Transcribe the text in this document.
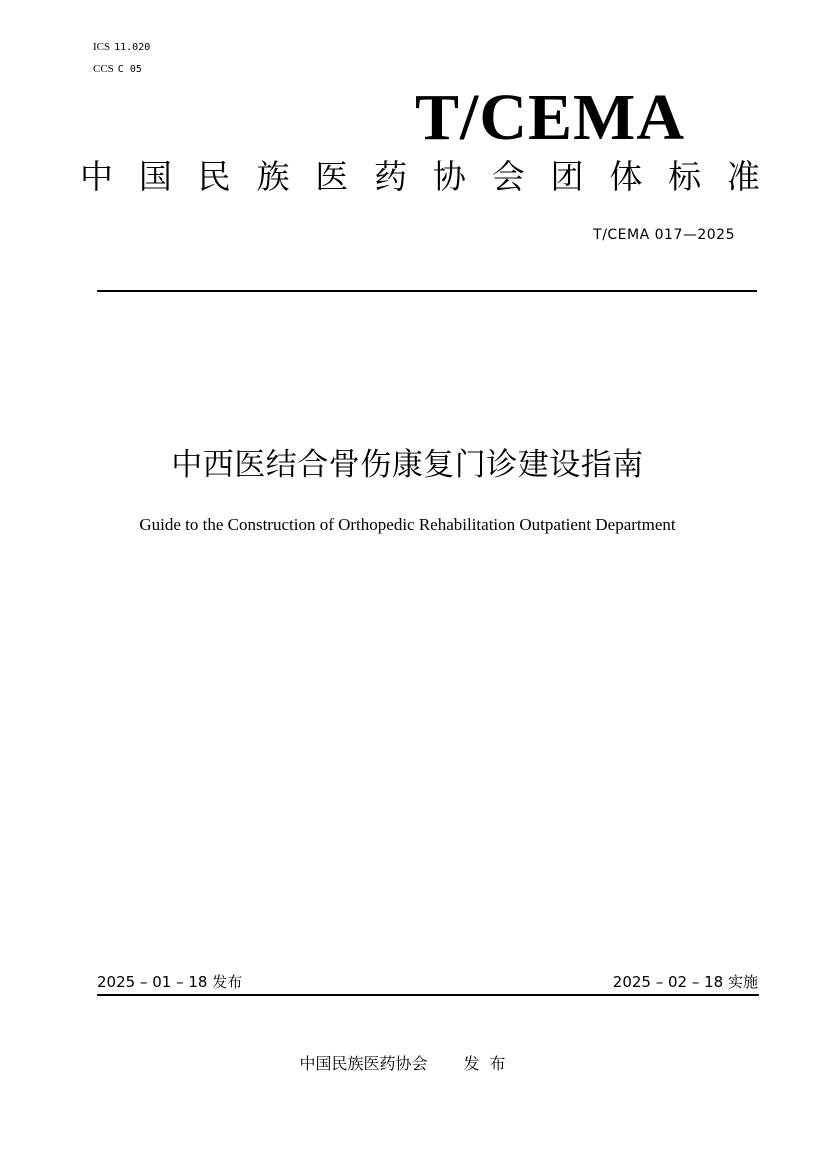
ICS 11.020
CCS C 05
T/CEMA
中 国 民 族 医 药 协 会 团 体 标 准
T/CEMA 017—2025
中西医结合骨伤康复门诊建设指南
Guide to the Construction of Orthopedic Rehabilitation Outpatient Department
2025 – 01 – 18 发布	2025 – 02 – 18 实施
中国民族医药协会 发布
